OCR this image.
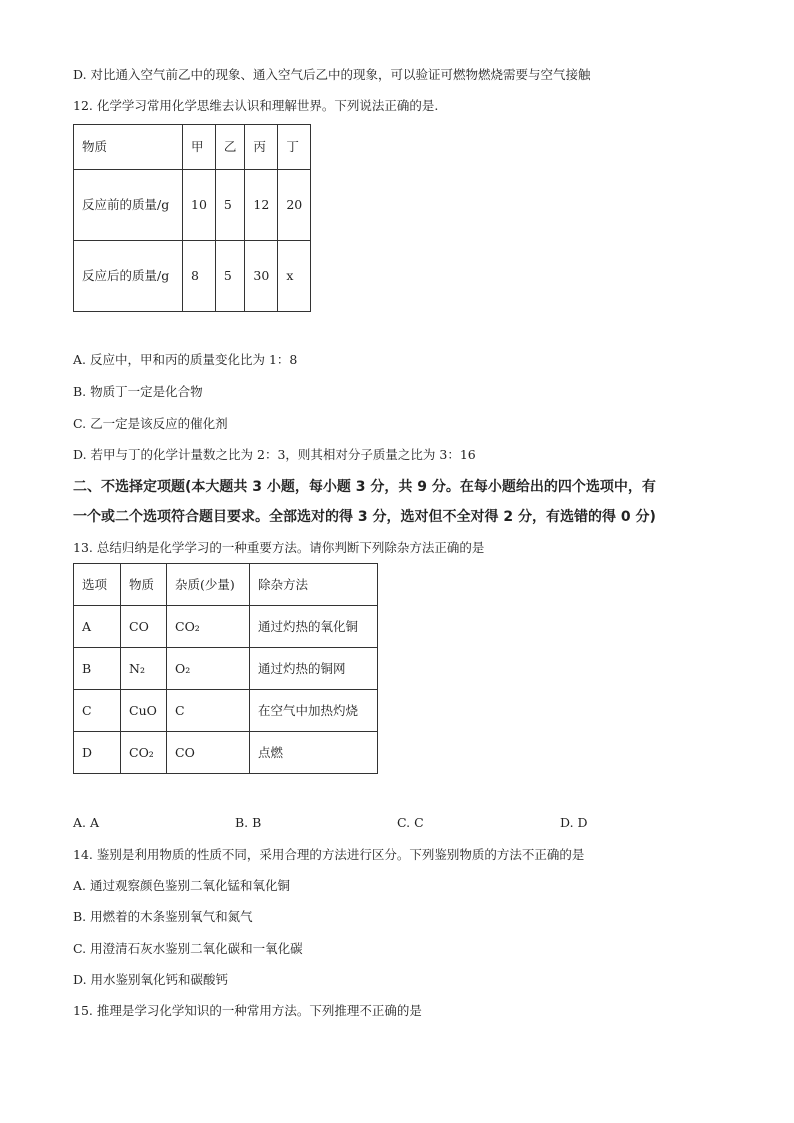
D. 对比通入空气前乙中的现象、通入空气后乙中的现象，可以验证可燃物燃烧需要与空气接触
12. 化学学习常用化学思维去认识和理解世界。下列说法正确的是.
物质	甲	乙	丙	丁

反应前的质量/g	10	5	12	20

反应后的质量/g	8	5	30	x
A. 反应中，甲和丙的质量变化比为 1：8
B. 物质丁一定是化合物
C. 乙一定是该反应的催化剂
D. 若甲与丁的化学计量数之比为 2：3，则其相对分子质量之比为 3：16
二、不选择定项题(本大题共 3 小题，每小题 3 分，共 9 分。在每小题给出的四个选项中，有
一个或二个选项符合题目要求。全部选对的得 3 分，选对但不全对得 2 分，有选错的得 0 分)
13. 总结归纳是化学学习的一种重要方法。请你判断下列除杂方法正确的是
选项	物质	杂质(少量)	除杂方法
A	CO	CO₂	通过灼热的氧化铜
B	N₂	O₂	通过灼热的铜网
C	CuO	C	在空气中加热灼烧
D	CO₂	CO	点燃
A. A	B. B	C. C	D. D
14. 鉴别是利用物质的性质不同，采用合理的方法进行区分。下列鉴别物质的方法不正确的是
A. 通过观察颜色鉴别二氧化锰和氧化铜
B. 用燃着的木条鉴别氧气和氮气
C. 用澄清石灰水鉴别二氧化碳和一氧化碳
D. 用水鉴别氧化钙和碳酸钙
15. 推理是学习化学知识的一种常用方法。下列推理不正确的是
